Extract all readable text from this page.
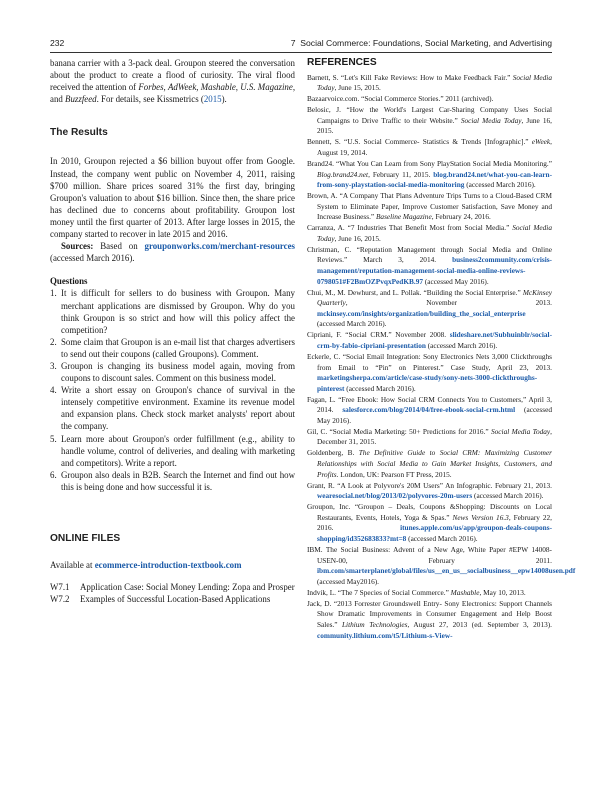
232	7  Social Commerce: Foundations, Social Marketing, and Advertising

banana carrier with a 3-pack deal. Groupon steered the conversation about the product to create a flood of curiosity. The viral flood received the attention of Forbes, AdWeek, Mashable, U.S. Magazine, and Buzzfeed. For details, see Kissmetrics (2015).

The Results

In 2010, Groupon rejected a $6 billion buyout offer from Google. Instead, the company went public on November 4, 2011, raising $700 million. Share prices soared 31% the first day, bringing Groupon's valuation to about $16 billion. Since then, the share price has declined due to concerns about profitability. Groupon lost money until the first quarter of 2013. After large losses in 2015, the company started to recover in late 2015 and 2016.

Sources: Based on grouponworks.com/merchant-resources (accessed March 2016).

Questions
1. It is difficult for sellers to do business with Groupon. Many merchant applications are dismissed by Groupon. Why do you think Groupon is so strict and how will this policy affect the competition?
2. Some claim that Groupon is an e-mail list that charges advertisers to send out their coupons (called Groupons). Comment.
3. Groupon is changing its business model again, moving from coupons to discount sales. Comment on this business model.
4. Write a short essay on Groupon's chance of survival in the intensely competitive environment. Examine its revenue model and expansion plans. Check stock market analysts' report about the company.
5. Learn more about Groupon's order fulfillment (e.g., ability to handle volume, control of deliveries, and dealing with marketing and competitors). Write a report.
6. Groupon also deals in B2B. Search the Internet and find out how this is being done and how successful it is.
ONLINE FILES

Available at ecommerce-introduction-textbook.com

W7.1 Application Case: Social Money Lending: Zopa and Prosper
W7.2 Examples of Successful Location-Based Applications
REFERENCES

Barnett, S. “Let's Kill Fake Reviews: How to Make Feedback Fair.” Social Media Today, June 15, 2015.

Bazaarvoice.com. “Social Commerce Stories.” 2011 (archived).

Belosic, J. “How the World's Largest Car-Sharing Company Uses Social Campaigns to Drive Traffic to their Website.” Social Media Today, June 16, 2015.

Bennett, S. “U.S. Social Commerce- Statistics & Trends [Infographic].” eWeek, August 19, 2014.

Brand24. “What You Can Learn from Sony PlayStation Social Media Monitoring.” Blog.brand24.net, February 11, 2015. blog.brand24.net/what-you-can-learn-from-sony-playstation-social-media-monitoring (accessed March 2016).

Brown, A. “A Company That Plans Adventure Trips Turns to a Cloud-Based CRM System to Eliminate Paper, Improve Customer Satisfaction, Save Money and Increase Business.” Baseline Magazine, February 24, 2016.

Carranza, A. “7 Industries That Benefit Most from Social Media.” Social Media Today, June 16, 2015.

Christman, C. “Reputation Management through Social Media and Online Reviews.” March 3, 2014. business2community.com/crisis-management/reputation-management-social-media-online-reviews-0798051#F2BmOZPvqxPedKB.97 (accessed May 2016).

Chui, M., M. Dewhurst, and L. Pollak. “Building the Social Enterprise.” McKinsey Quarterly, November 2013. mckinsey.com/insights/organization/building_the_social_enterprise (accessed March 2016).

Cipriani, F. “Social CRM.” November 2008. slideshare.net/Subhuinblr/social-crm-by-fabio-cipriani-presentation (accessed March 2016).

Eckerle, C. “Social Email Integration: Sony Electronics Nets 3,000 Clickthroughs from Email to “Pin” on Pinterest.” Case Study, April 23, 2013. marketingsherpa.com/article/case-study/sony-nets-3000-clickthroughs-pinterest (accessed March 2016).

Fagan, L. “Free Ebook: How Social CRM Connects You to Customers,” April 3, 2014. salesforce.com/blog/2014/04/free-ebook-social-crm.html (accessed May 2016).

Gil, C. “Social Media Marketing: 50+ Predictions for 2016.” Social Media Today, December 31, 2015.

Goldenberg, B. The Definitive Guide to Social CRM: Maximizing Customer Relationships with Social Media to Gain Market Insights, Customers, and Profits. London, UK: Pearson FT Press, 2015.

Grant, R. “A Look at Polyvore's 20M Users” An Infographic. February 21, 2013. wearesocial.net/blog/2013/02/polyvores-20m-users (accessed March 2016).

Groupon, Inc. “Groupon – Deals, Coupons &Shopping: Discounts on Local Restaurants, Events, Hotels, Yoga & Spas.” News Version 16.3, February 22, 2016. itunes.apple.com/us/app/groupon-deals-coupons-shopping/id352683833?mt=8 (accessed March 2016).

IBM. The Social Business: Advent of a New Age, White Paper #EPW 14008-USEN-00, February 2011. ibm.com/smarterplanet/global/files/us__en_us__socialbusiness__epw14008usen.pdf (accessed May2016).

Indvik, L. “The 7 Species of Social Commerce.” Mashable, May 10, 2013.

Jack, D. “2013 Forrester Groundswell Entry- Sony Electronics: Support Channels Show Dramatic Improvements in Consumer Engagement and Help Boost Sales.” Lithium Technologies, August 27, 2013 (ed. September 3, 2013). community.lithium.com/t5/Lithium-s-View-
